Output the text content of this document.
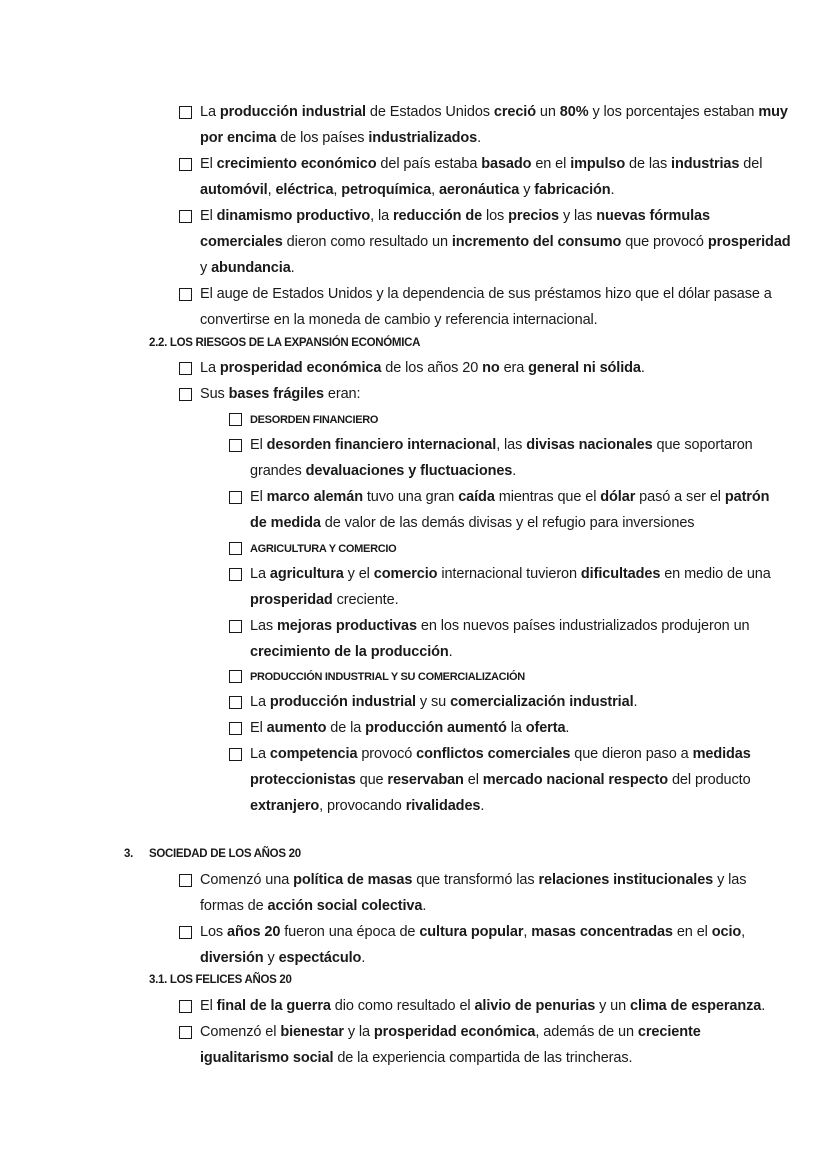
La producción industrial de Estados Unidos creció un 80% y los porcentajes estaban muy
por encima de los países industrializados.
El crecimiento económico del país estaba basado en el impulso de las industrias del
automóvil, eléctrica, petroquímica, aeronáutica y fabricación.
El dinamismo productivo, la reducción de los precios y las nuevas fórmulas
comerciales dieron como resultado un incremento del consumo que provocó prosperidad
y abundancia.
El auge de Estados Unidos y la dependencia de sus préstamos hizo que el dólar pasase a
convertirse en la moneda de cambio y referencia internacional.
2.2. LOS RIESGOS DE LA EXPANSIÓN ECONÓMICA
La prosperidad económica de los años 20 no era general ni sólida.
Sus bases frágiles eran:
DESORDEN FINANCIERO
El desorden financiero internacional, las divisas nacionales que soportaron
grandes devaluaciones y fluctuaciones.
El marco alemán tuvo una gran caída mientras que el dólar pasó a ser el patrón
de medida de valor de las demás divisas y el refugio para inversiones
AGRICULTURA Y COMERCIO
La agricultura y el comercio internacional tuvieron dificultades en medio de una
prosperidad creciente.
Las mejoras productivas en los nuevos países industrializados produjeron un
crecimiento de la producción.
PRODUCCIÓN INDUSTRIAL Y SU COMERCIALIZACIÓN
La producción industrial y su comercialización industrial.
El aumento de la producción aumentó la oferta.
La competencia provocó conflictos comerciales que dieron paso a medidas
proteccionistas que reservaban el mercado nacional respecto del producto
extranjero, provocando rivalidades.
3. SOCIEDAD DE LOS AÑOS 20
Comenzó una política de masas que transformó las relaciones institucionales y las
formas de acción social colectiva.
Los años 20 fueron una época de cultura popular, masas concentradas en el ocio,
diversión y espectáculo.
3.1. LOS FELICES AÑOS 20
El final de la guerra dio como resultado el alivio de penurias y un clima de esperanza.
Comenzó el bienestar y la prosperidad económica, además de un creciente
igualitarismo social de la experiencia compartida de las trincheras.
